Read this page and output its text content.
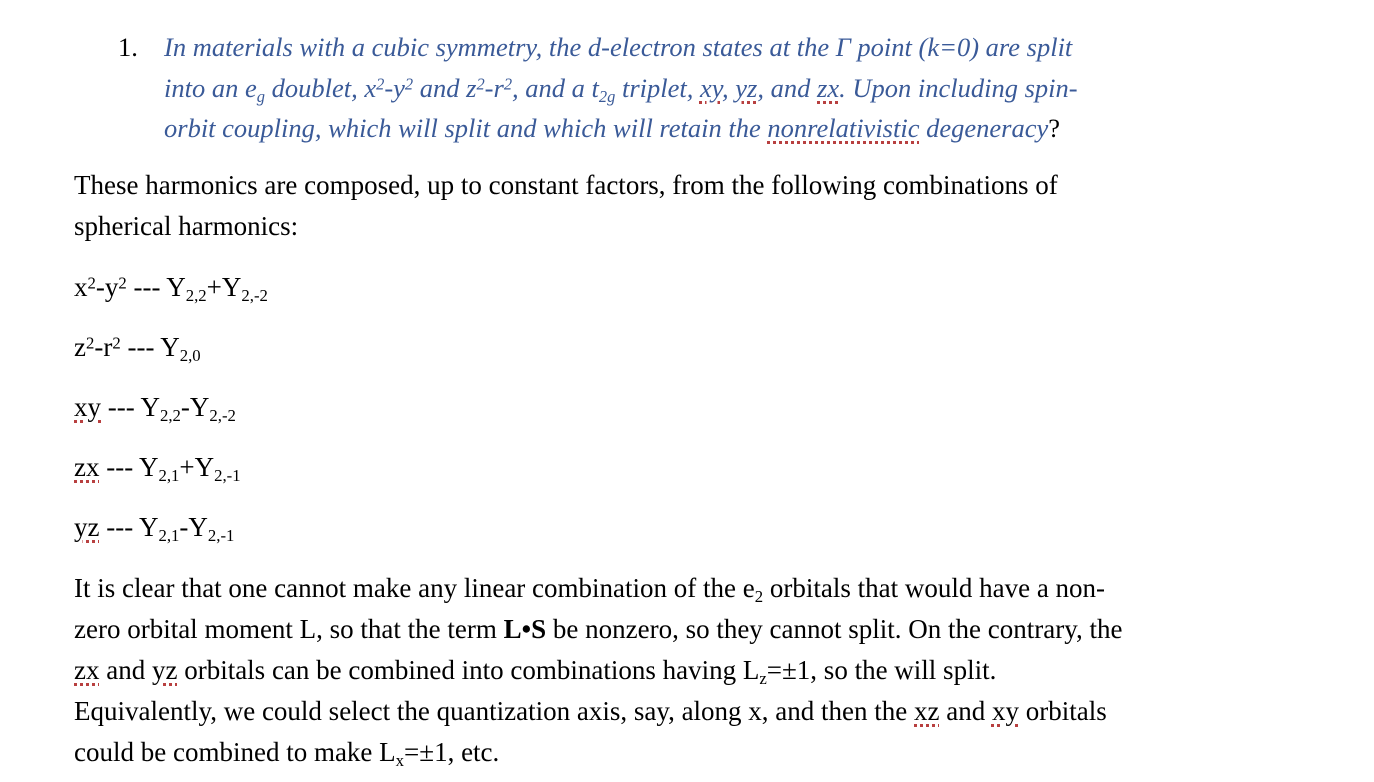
1. In materials with a cubic symmetry, the d-electron states at the Γ point (k=0) are split
into an $e_g$ doublet, $x^2-y^2$ and $z^2-r^2$, and a $t_{2g}$ triplet, xy, yz, and zx. Upon including spin-
orbit coupling, which will split and which will retain the nonrelativistic degeneracy?
These harmonics are composed, up to constant factors, from the following combinations of
spherical harmonics:
$x^2-y^2$ --- $Y_{2,2}+Y_{2,-2}$
$z^2-r^2$ --- $Y_{2,0}$
xy --- $Y_{2,2}-Y_{2,-2}$
zx --- $Y_{2,1}+Y_{2,-1}$
yz --- $Y_{2,1}-Y_{2,-1}$
It is clear that one cannot make any linear combination of the $e_2$ orbitals that would have a non-
zero orbital moment L, so that the term L•S be nonzero, so they cannot split. On the contrary, the
zx and yz orbitals can be combined into combinations having $L_z=\pm 1$, so the will split.
Equivalently, we could select the quantization axis, say, along x, and then the xz and xy orbitals
could be combined to make $L_x=\pm 1$, etc.
